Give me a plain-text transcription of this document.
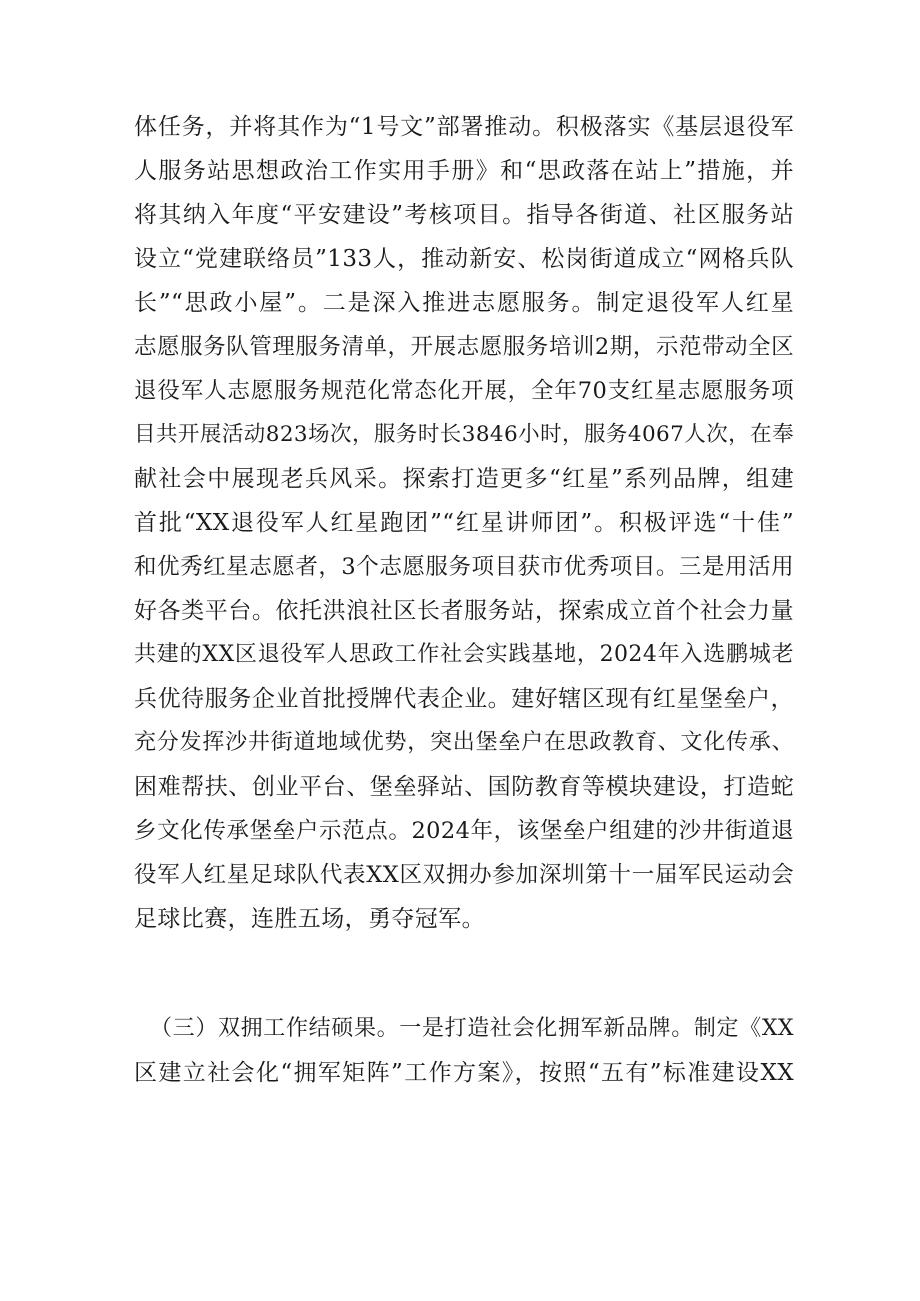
体任务，并将其作为“1号文”部署推动。积极落实《基层退役军
人服务站思想政治工作实用手册》和“思政落在站上”措施，并
将其纳入年度“平安建设”考核项目。指导各街道、社区服务站
设立“党建联络员”133人，推动新安、松岗街道成立“网格兵队
长”“思政小屋”。二是深入推进志愿服务。制定退役军人红星
志愿服务队管理服务清单，开展志愿服务培训2期，示范带动全区
退役军人志愿服务规范化常态化开展，全年70支红星志愿服务项
目共开展活动823场次，服务时长3846小时，服务4067人次，在奉
献社会中展现老兵风采。探索打造更多“红星”系列品牌，组建
首批“XX退役军人红星跑团”“红星讲师团”。积极评选“十佳”
和优秀红星志愿者，3个志愿服务项目获市优秀项目。三是用活用
好各类平台。依托洪浪社区长者服务站，探索成立首个社会力量
共建的XX区退役军人思政工作社会实践基地，2024年入选鹏城老
兵优待服务企业首批授牌代表企业。建好辖区现有红星堡垒户，
充分发挥沙井街道地域优势，突出堡垒户在思政教育、文化传承、
困难帮扶、创业平台、堡垒驿站、国防教育等模块建设，打造蛇
乡文化传承堡垒户示范点。2024年，该堡垒户组建的沙井街道退
役军人红星足球队代表XX区双拥办参加深圳第十一届军民运动会
足球比赛，连胜五场，勇夺冠军。
（三）双拥工作结硕果。一是打造社会化拥军新品牌。制定《XX
区建立社会化“拥军矩阵”工作方案》，按照“五有”标准建设XX
